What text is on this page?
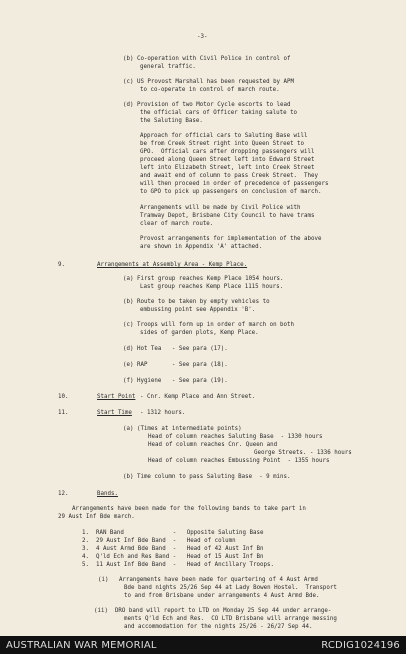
-3-
(b) Co-operation with Civil Police in control of
general traffic.
(c) US Provost Marshall has been requested by APM
to co-operate in control of march route.
(d) Provision of two Motor Cycle escorts to lead
the official cars of Officer taking salute to
the Saluting Base.
Approach for official cars to Saluting Base will
be from Creek Street right into Queen Street to
GPO.  Official cars after dropping passengers will
proceed along Queen Street left into Edward Street
left into Elizabeth Street, left into Creek Street
and await end of column to pass Creek Street.  They
will then proceed in order of precedence of passengers
to GPO to pick up passengers on conclusion of march.
Arrangements will be made by Civil Police with
Tramway Depot, Brisbane City Council to have trams
clear of march route.
Provost arrangements for implementation of the above
are shown in Appendix 'A' attached.
9.	Arrangements at Assembly Area - Kemp Place.
(a) First group reaches Kemp Place 1054 hours.
Last group reaches Kemp Place 1115 hours.
(b) Route to be taken by empty vehicles to
embussing point see Appendix 'B'.
(c) Troops will form up in order of march on both
sides of garden plots, Kemp Place.
(d) Hot Tea   - See para (17).
(e) RAP       - See para (18).
(f) Hygiene   - See para (19).
10.	Start Point - Cnr. Kemp Place and Ann Street.
11.	Start Time - 1312 hours.
(a) (Times at intermediate points)
Head of column reaches Saluting Base  - 1330 hours
Head of column reaches Cnr. Queen and
George Streets. - 1336 hours
Head of column reaches Embussing Point  - 1355 hours
(b) Time column to pass Saluting Base  - 9 mins.
12.	Bands.
Arrangements have been made for the following bands to take part in
29 Aust Inf Bde march.
1.  RAN Band              -   Opposite Saluting Base
2.  29 Aust Inf Bde Band  -   Head of column
3.  4 Aust Armd Bde Band  -   Head of 42 Aust Inf Bn
4.  Q'ld Ech and Res Band -   Head of 15 Aust Inf Bn
5.  11 Aust Inf Bde Band  -   Head of Ancillary Troops.
(i)   Arrangements have been made for quartering of 4 Aust Armd
Bde band nights 25/26 Sep 44 at Lady Bowen Hostel.  Transport
to and from Brisbane under arrangements 4 Aust Armd Bde.
(ii)  DRO band will report to LTD on Monday 25 Sep 44 under arrange-
ments Q'ld Ech and Res.  CO LTD Brisbane will arrange messing
and accommodation for the nights 25/26 - 26/27 Sep 44.
AUSTRALIAN WAR MEMORIAL	RCDIG1024196
